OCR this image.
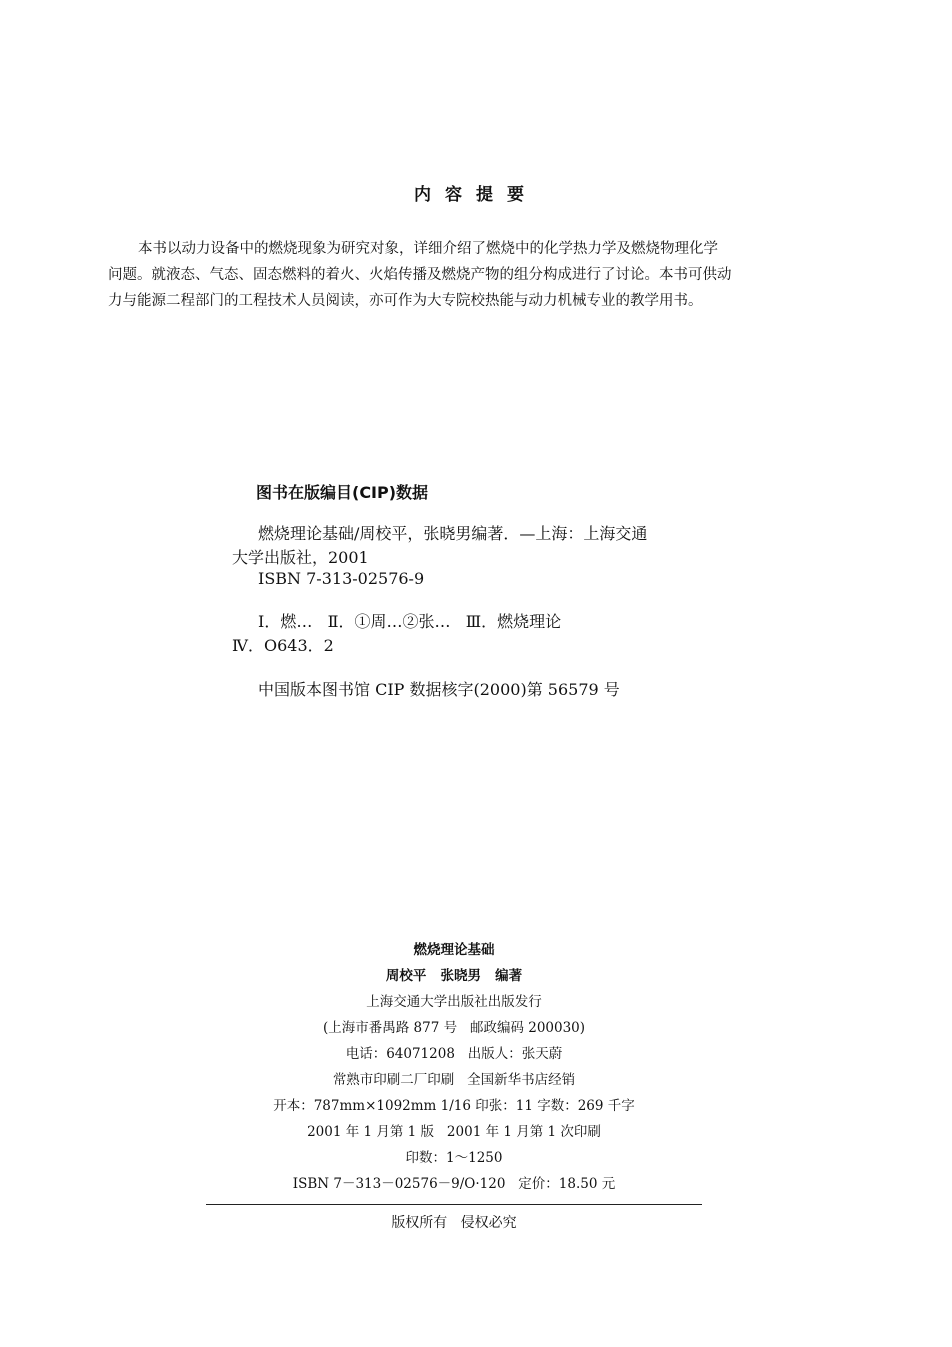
内容提要

本书以动力设备中的燃烧现象为研究对象，详细介绍了燃烧中的化学热力学及燃烧物理化学

问题。就液态、气态、固态燃料的着火、火焰传播及燃烧产物的组分构成进行了讨论。本书可供动

力与能源二程部门的工程技术人员阅读，亦可作为大专院校热能与动力机械专业的教学用书。

图书在版编目(CIP)数据
燃烧理论基础/周校平，张晓男编著．—上海：上海交通
大学出版社，2001
ISBN 7-313-02576-9
Ⅰ．燃…   Ⅱ．①周…②张…   Ⅲ．燃烧理论
Ⅳ．O643．2
中国版本图书馆 CIP 数据核字(2000)第 56579 号
燃烧理论基础
周校平   张晓男   编著
上海交通大学出版社出版发行
(上海市番禺路 877 号   邮政编码 200030)
电话：64071208   出版人：张天蔚
常熟市印刷二厂印刷   全国新华书店经销
开本：787mm×1092mm 1/16 印张：11 字数：269 千字
2001 年 1 月第 1 版   2001 年 1 月第 1 次印刷
印数：1～1250
ISBN 7－313－02576－9/O·120   定价：18.50 元
版权所有   侵权必究
